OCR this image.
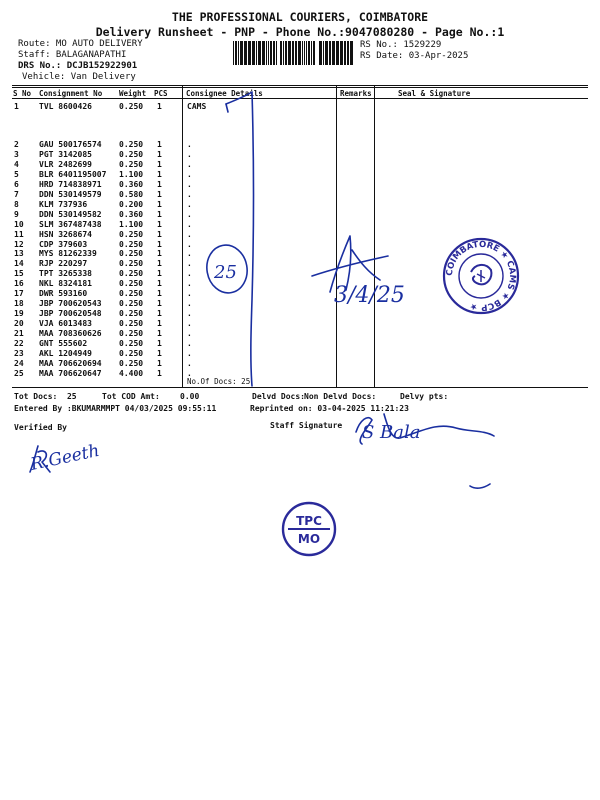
THE PROFESSIONAL COURIERS, COIMBATORE
Delivery Runsheet - PNP - Phone No.:9047080280 - Page No.:1
Route: MO AUTO DELIVERY
Staff: BALAGANAPATHI
DRS No.: DCJB152922901
Vehicle: Van Delivery
RS No.: 1529229
RS Date: 03-Apr-2025
S No Consignment No Weight PCS Consignee Details	Remarks	Seal & Signature
1	TVL 8600426	0.250 1	CAMS
2	GAU 500176574 0.250 1	.
3	PGT 3142085	0.250 1	.
4	VLR 2482699	0.250 1	.
5	BLR 6401195007 1.100 1	.
6	HRD 714838971 0.360 1	.
7	DDN 530149579 0.580 1	.
8	KLM 737936	0.200 1	.
9	DDN 530149582 0.360 1	.
10 SLM 367487438 1.100 1	.
11 HSN 3268674	0.250 1	.
12 CDP 379603	0.250 1	.
13 MYS 81262339	0.250 1	.
14 RJP 220297	0.250 1	.
15 TPT 3265338	0.250 1	.
16 NKL 8324181	0.250 1	.
17 DWR 593160	0.250 1	.
18 JBP 700620543 0.250 1	.
19 JBP 700620548 0.250 1	.
20 VJA 6013483	0.250 1	.
21 MAA 708360626 0.250 1	.
22 GNT 555602	0.250 1	.
23 AKL 1204949	0.250 1	.
24 MAA 706620694 0.250 1	.
25 MAA 706620647 4.400 1	.
No.Of Docs: 25
Tot Docs:  25	Tot COD Amt:	0.00	Delvd Docs: Non Delvd Docs:	Delvy pts:
Entered By :BKUMARMMPT 04/03/2025 09:55:11	Reprinted on: 03-04-2025 11:21:23
Verified By	Staff Signature
25
3/4/25
R.Geeth
S Bala
COIMBATORE ★ CAMS ★ BCP ★
TPC
MO
